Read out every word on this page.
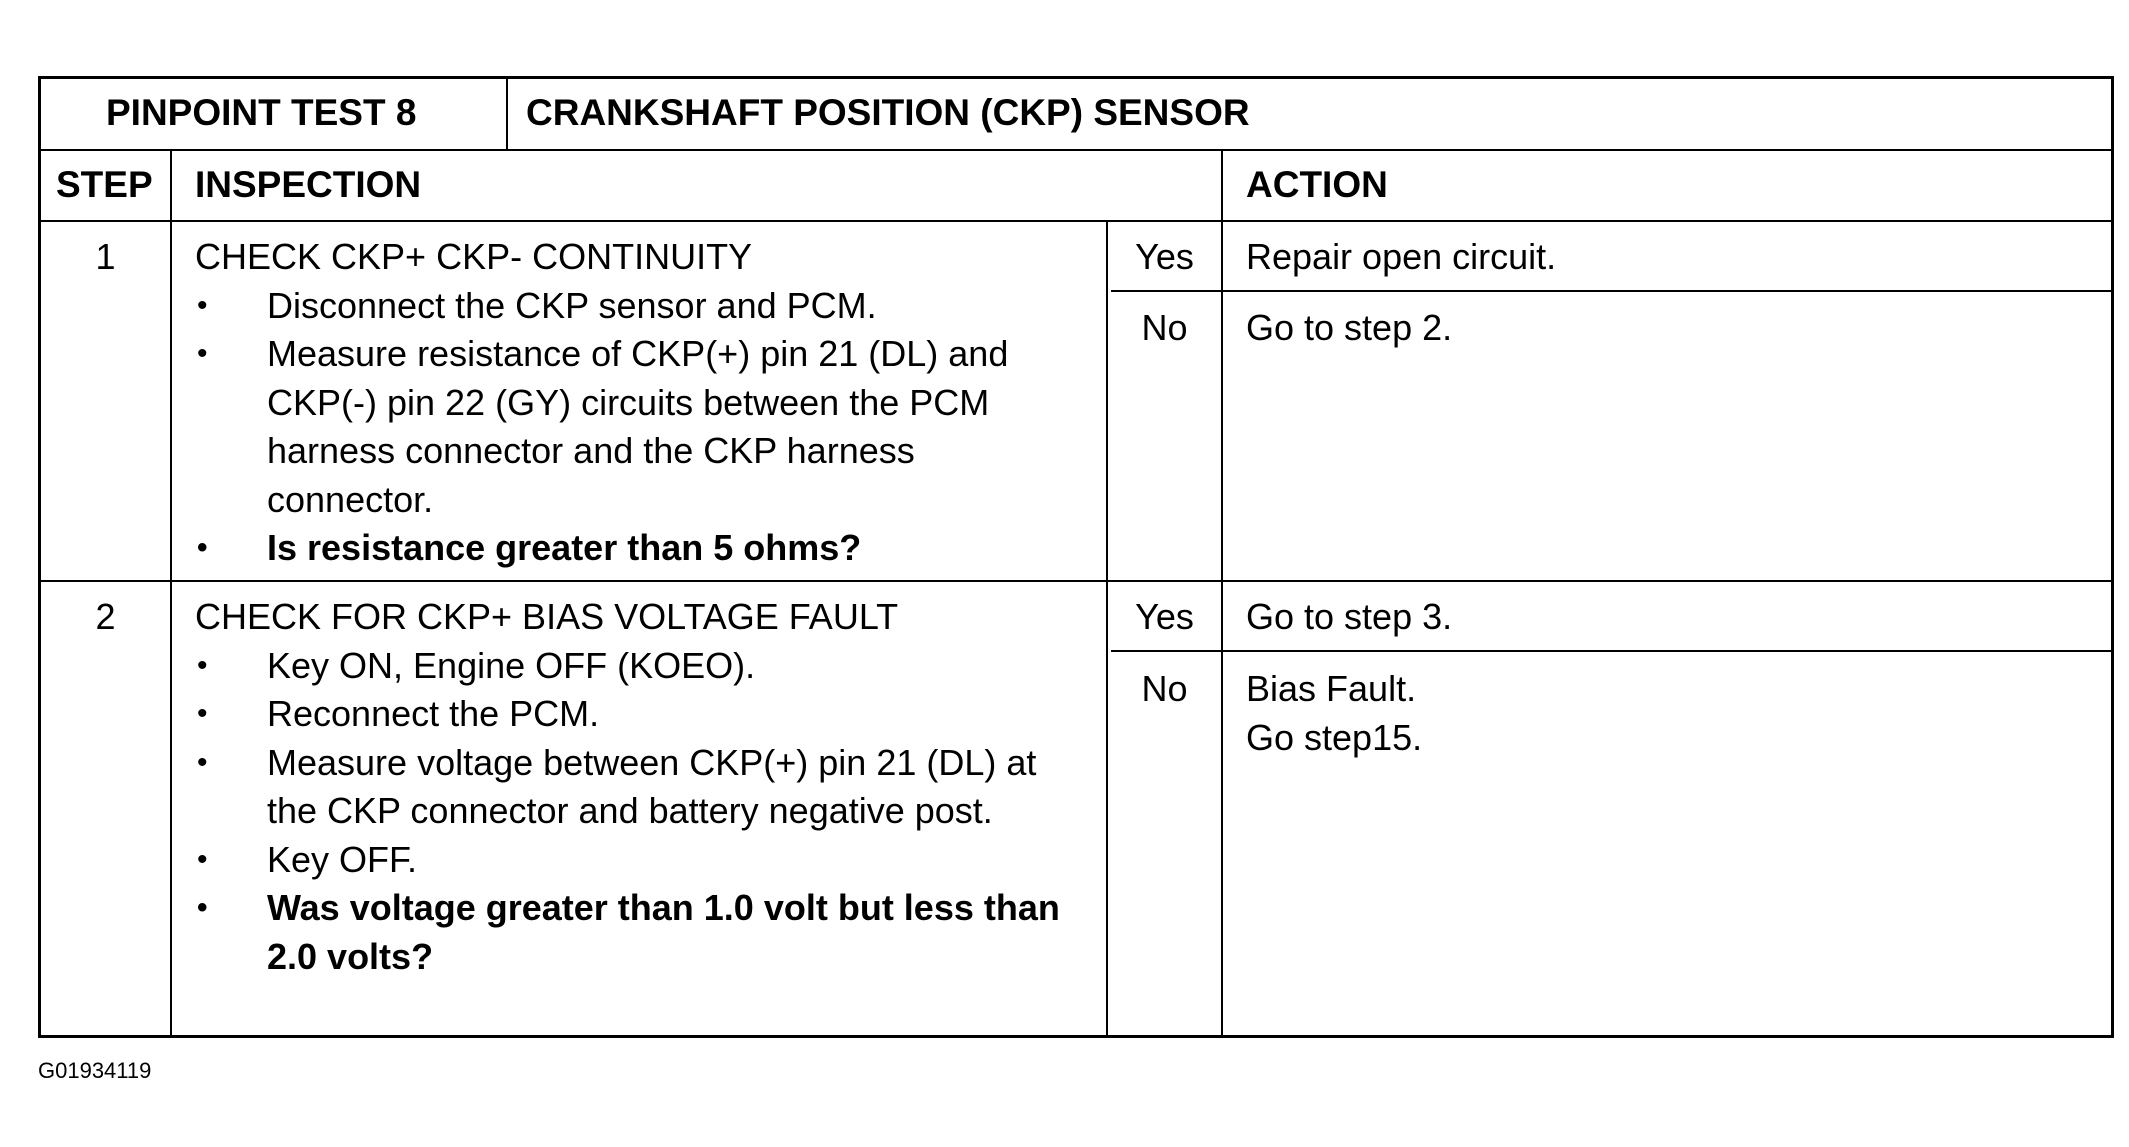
PINPOINT TEST 8	CRANKSHAFT POSITION (CKP) SENSOR
STEP INSPECTION	ACTION
1	CHECK CKP+ CKP- CONTINUITY
• Disconnect the CKP sensor and PCM.
• Measure resistance of CKP(+) pin 21 (DL) and CKP(-) pin 22 (GY) circuits between the PCM harness connector and the CKP harness connector.
• Is resistance greater than 5 ohms?
Yes	Repair open circuit.
No	Go to step 2.
2	CHECK FOR CKP+ BIAS VOLTAGE FAULT
• Key ON, Engine OFF (KOEO).
• Reconnect the PCM.
• Measure voltage between CKP(+) pin 21 (DL) at the CKP connector and battery negative post.
• Key OFF.
• Was voltage greater than 1.0 volt but less than 2.0 volts?
Yes	Go to step 3.
No	Bias Fault.
Go step15.
G01934119
